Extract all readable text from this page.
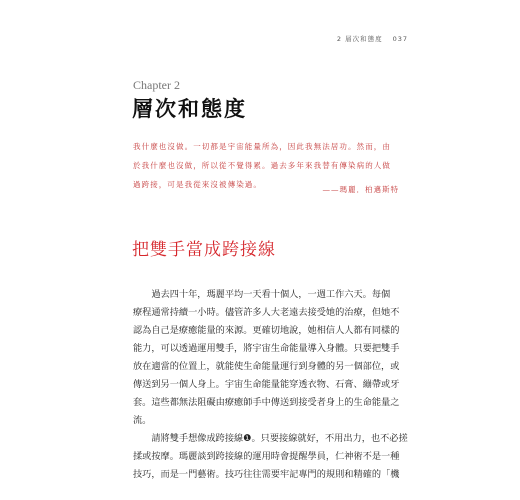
2 層次和態度 037
Chapter 2
層次和態度
我什麼也沒做。一切都是宇宙能量所為，因此我無法居功。然而，由
於我什麼也沒做，所以從不覺得累。過去多年來我替有傳染病的人做
過跨接，可是我從來沒被傳染過。
——瑪麗．柏邁斯特
把雙手當成跨接線
　　過去四十年，瑪麗平均一天看十個人，一週工作六天。每個
療程通常持續一小時。儘管許多人大老遠去接受她的治療，但她不
認為自己是療癒能量的來源。更確切地說，她相信人人都有同樣的
能力，可以透過運用雙手，將宇宙生命能量導入身體。只要把雙手
放在適當的位置上，就能使生命能量運行到身體的另一個部位，或
傳送到另一個人身上。宇宙生命能量能穿透衣物、石膏、繃帶或牙
套。這些都無法阻礙由療癒師手中傳送到接受者身上的生命能量之
流。
　　請將雙手想像成跨接線❶。只要接線就好，不用出力，也不必搓
揉或按摩。瑪麗談到跨接線的運用時會提醒學員，仁神術不是一種
技巧，而是一門藝術。技巧往往需要牢記專門的規則和精確的「機
